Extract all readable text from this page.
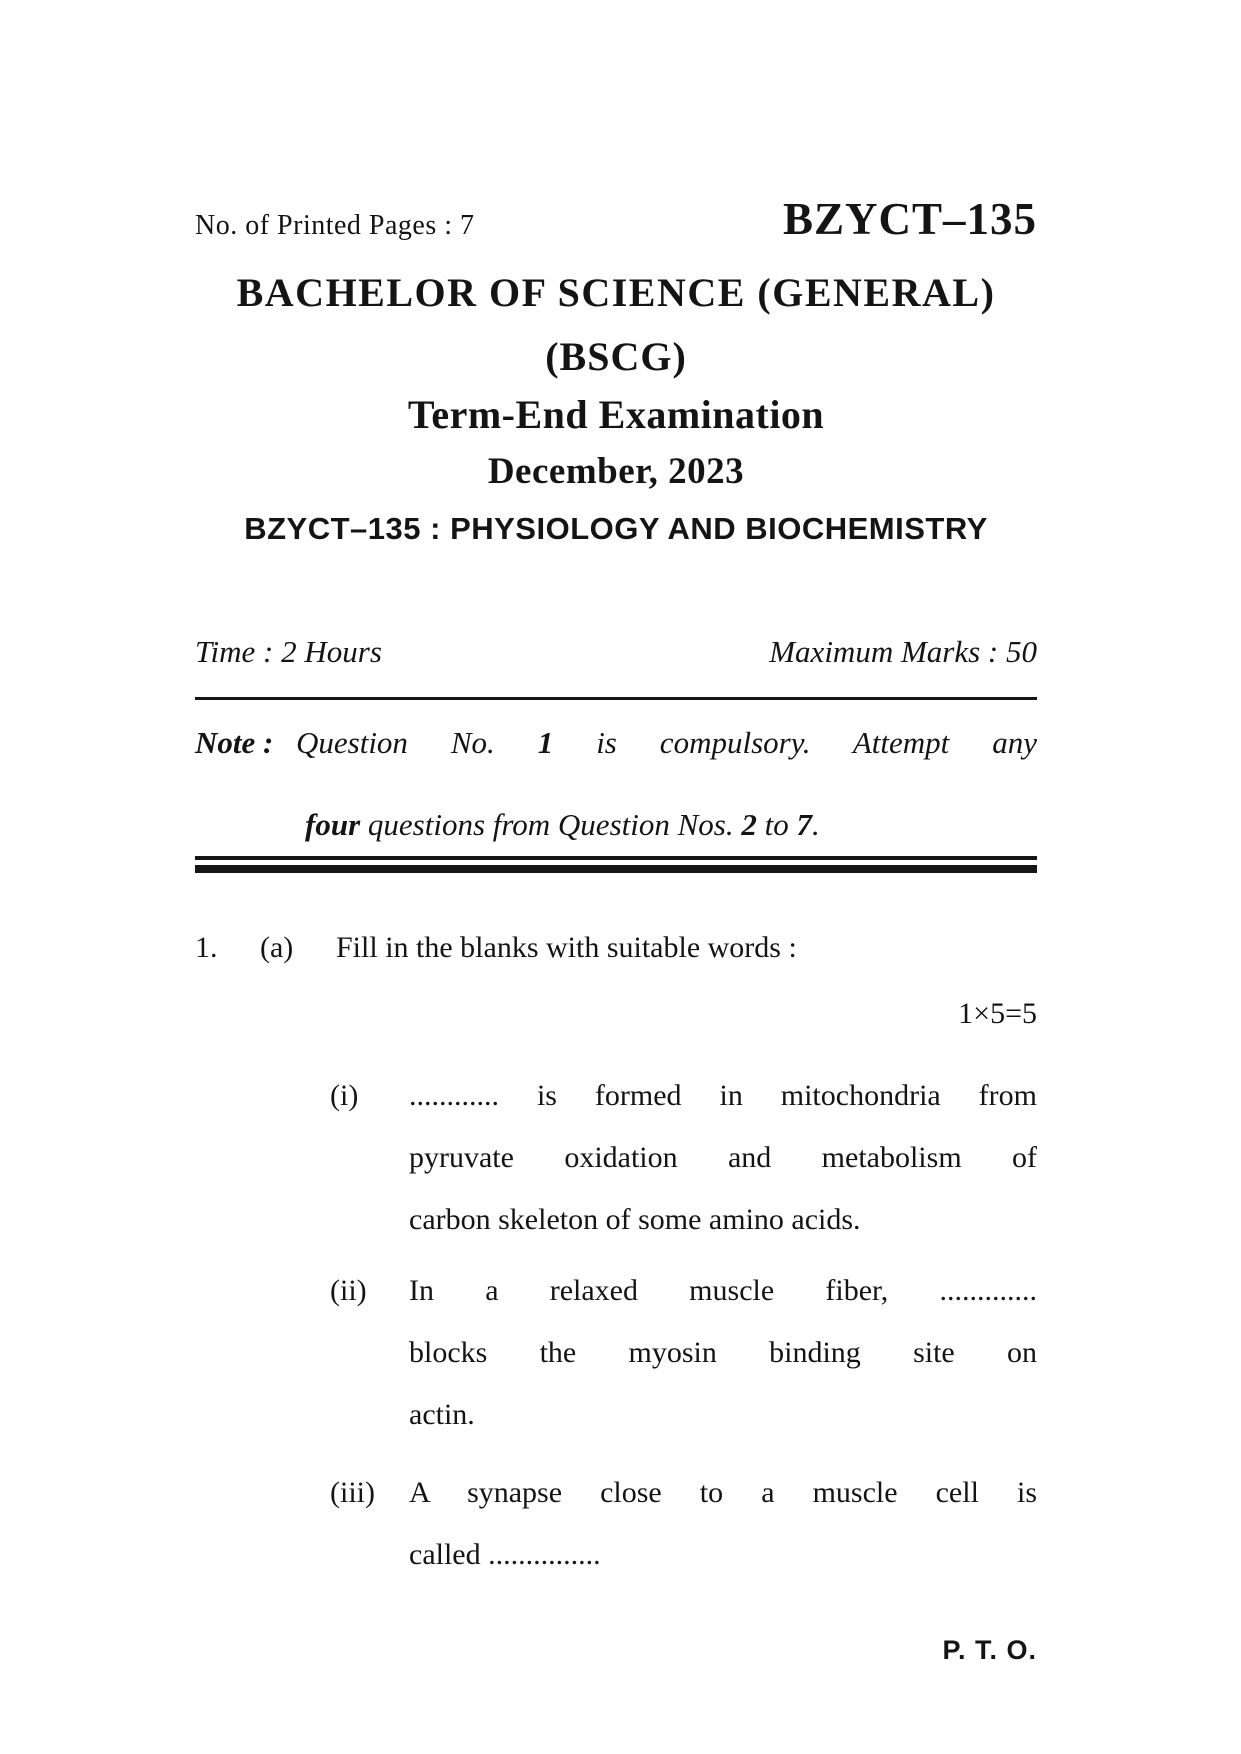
No. of Printed Pages : 7	BZYCT–135
BACHELOR OF SCIENCE (GENERAL)
(BSCG)
Term-End Examination
December, 2023
BZYCT–135 : PHYSIOLOGY AND BIOCHEMISTRY
Time : 2 Hours	Maximum Marks : 50
Note : Question No. 1 is compulsory. Attempt any
four questions from Question Nos. 2 to 7.
1.	(a)	Fill in the blanks with suitable words :
1×5=5
(i)	............ is formed in mitochondria from
pyruvate oxidation and metabolism of
carbon skeleton of some amino acids.
(ii)	In a relaxed muscle fiber, .............
blocks the myosin binding site on
actin.
(iii)	A synapse close to a muscle cell is
called ...............
P. T. O.
